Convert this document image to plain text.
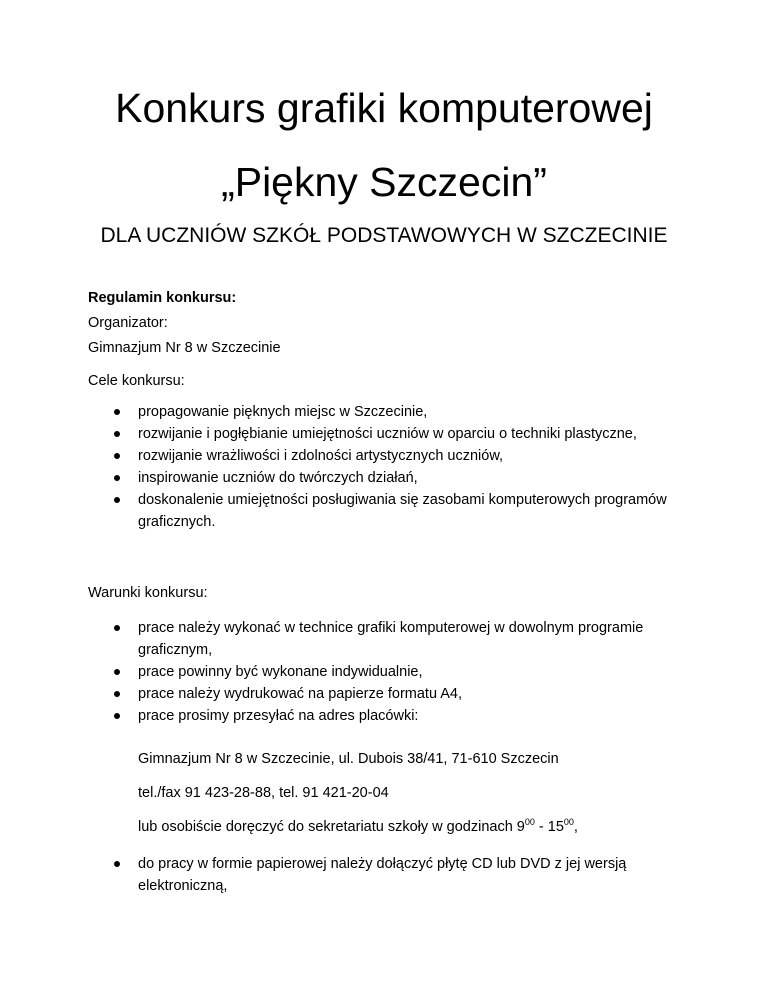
Konkurs grafiki komputerowej
„Piękny Szczecin”
DLA UCZNIÓW SZKÓŁ PODSTAWOWYCH W SZCZECINIE
Regulamin konkursu:
Organizator:
Gimnazjum Nr 8 w Szczecinie
Cele konkursu:
propagowanie pięknych miejsc w Szczecinie,
rozwijanie i pogłębianie umiejętności uczniów w oparciu o techniki plastyczne,
rozwijanie wrażliwości i zdolności artystycznych uczniów,
inspirowanie uczniów do twórczych działań,
doskonalenie umiejętności posługiwania się zasobami komputerowych programów graficznych.
Warunki konkursu:
prace należy wykonać w technice grafiki komputerowej w dowolnym programie graficznym,
prace powinny być wykonane indywidualnie,
prace należy wydrukować na papierze formatu A4,
prace prosimy przesyłać na adres placówki:
Gimnazjum Nr 8 w Szczecinie, ul. Dubois 38/41, 71-610 Szczecin
tel./fax 91 423-28-88, tel. 91 421-20-04
lub osobiście doręczyć do sekretariatu szkoły w godzinach $9^{00} - 15^{00}$,
do pracy w formie papierowej należy dołączyć płytę CD lub DVD z jej wersją elektroniczną,
